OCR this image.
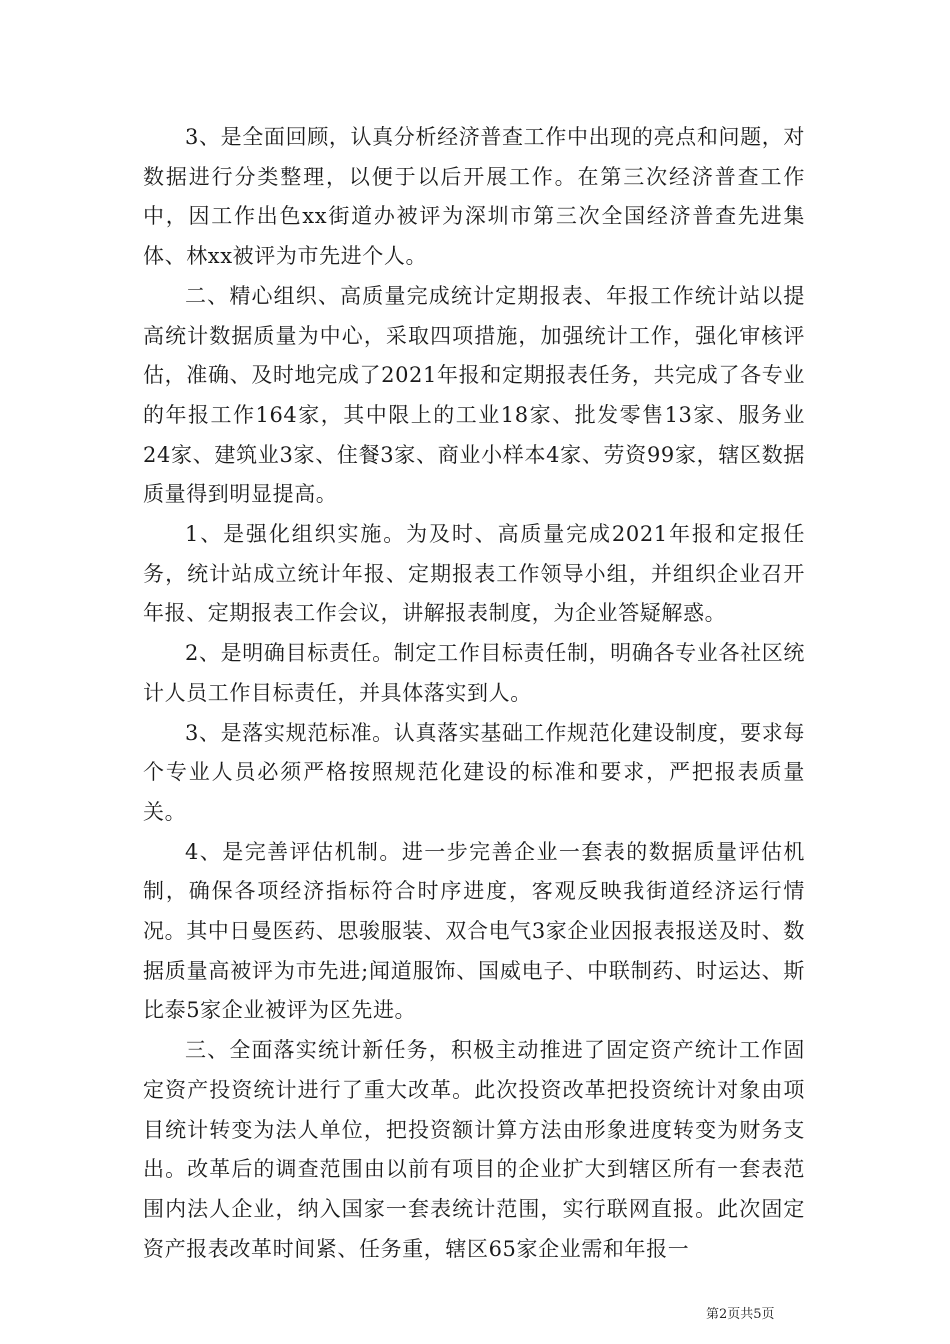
3、是全面回顾，认真分析经济普查工作中出现的亮点和问题，对数据进行分类整理，以便于以后开展工作。在第三次经济普查工作中，因工作出色xx街道办被评为深圳市第三次全国经济普查先进集体、林xx被评为市先进个人。

二、精心组织、高质量完成统计定期报表、年报工作统计站以提高统计数据质量为中心，采取四项措施，加强统计工作，强化审核评估，准确、及时地完成了2021年报和定期报表任务，共完成了各专业的年报工作164家，其中限上的工业18家、批发零售13家、服务业24家、建筑业3家、住餐3家、商业小样本4家、劳资99家，辖区数据质量得到明显提高。

1、是强化组织实施。为及时、高质量完成2021年报和定报任务，统计站成立统计年报、定期报表工作领导小组，并组织企业召开年报、定期报表工作会议，讲解报表制度，为企业答疑解惑。

2、是明确目标责任。制定工作目标责任制，明确各专业各社区统计人员工作目标责任，并具体落实到人。

3、是落实规范标准。认真落实基础工作规范化建设制度，要求每个专业人员必须严格按照规范化建设的标准和要求，严把报表质量关。

4、是完善评估机制。进一步完善企业一套表的数据质量评估机制，确保各项经济指标符合时序进度，客观反映我街道经济运行情况。其中日曼医药、思骏服装、双合电气3家企业因报表报送及时、数据质量高被评为市先进;闻道服饰、国威电子、中联制药、时运达、斯比泰5家企业被评为区先进。

三、全面落实统计新任务，积极主动推进了固定资产统计工作固定资产投资统计进行了重大改革。此次投资改革把投资统计对象由项目统计转变为法人单位，把投资额计算方法由形象进度转变为财务支出。改革后的调查范围由以前有项目的企业扩大到辖区所有一套表范围内法人企业，纳入国家一套表统计范围，实行联网直报。此次固定资产报表改革时间紧、任务重，辖区65家企业需和年报一

第2页共5页
